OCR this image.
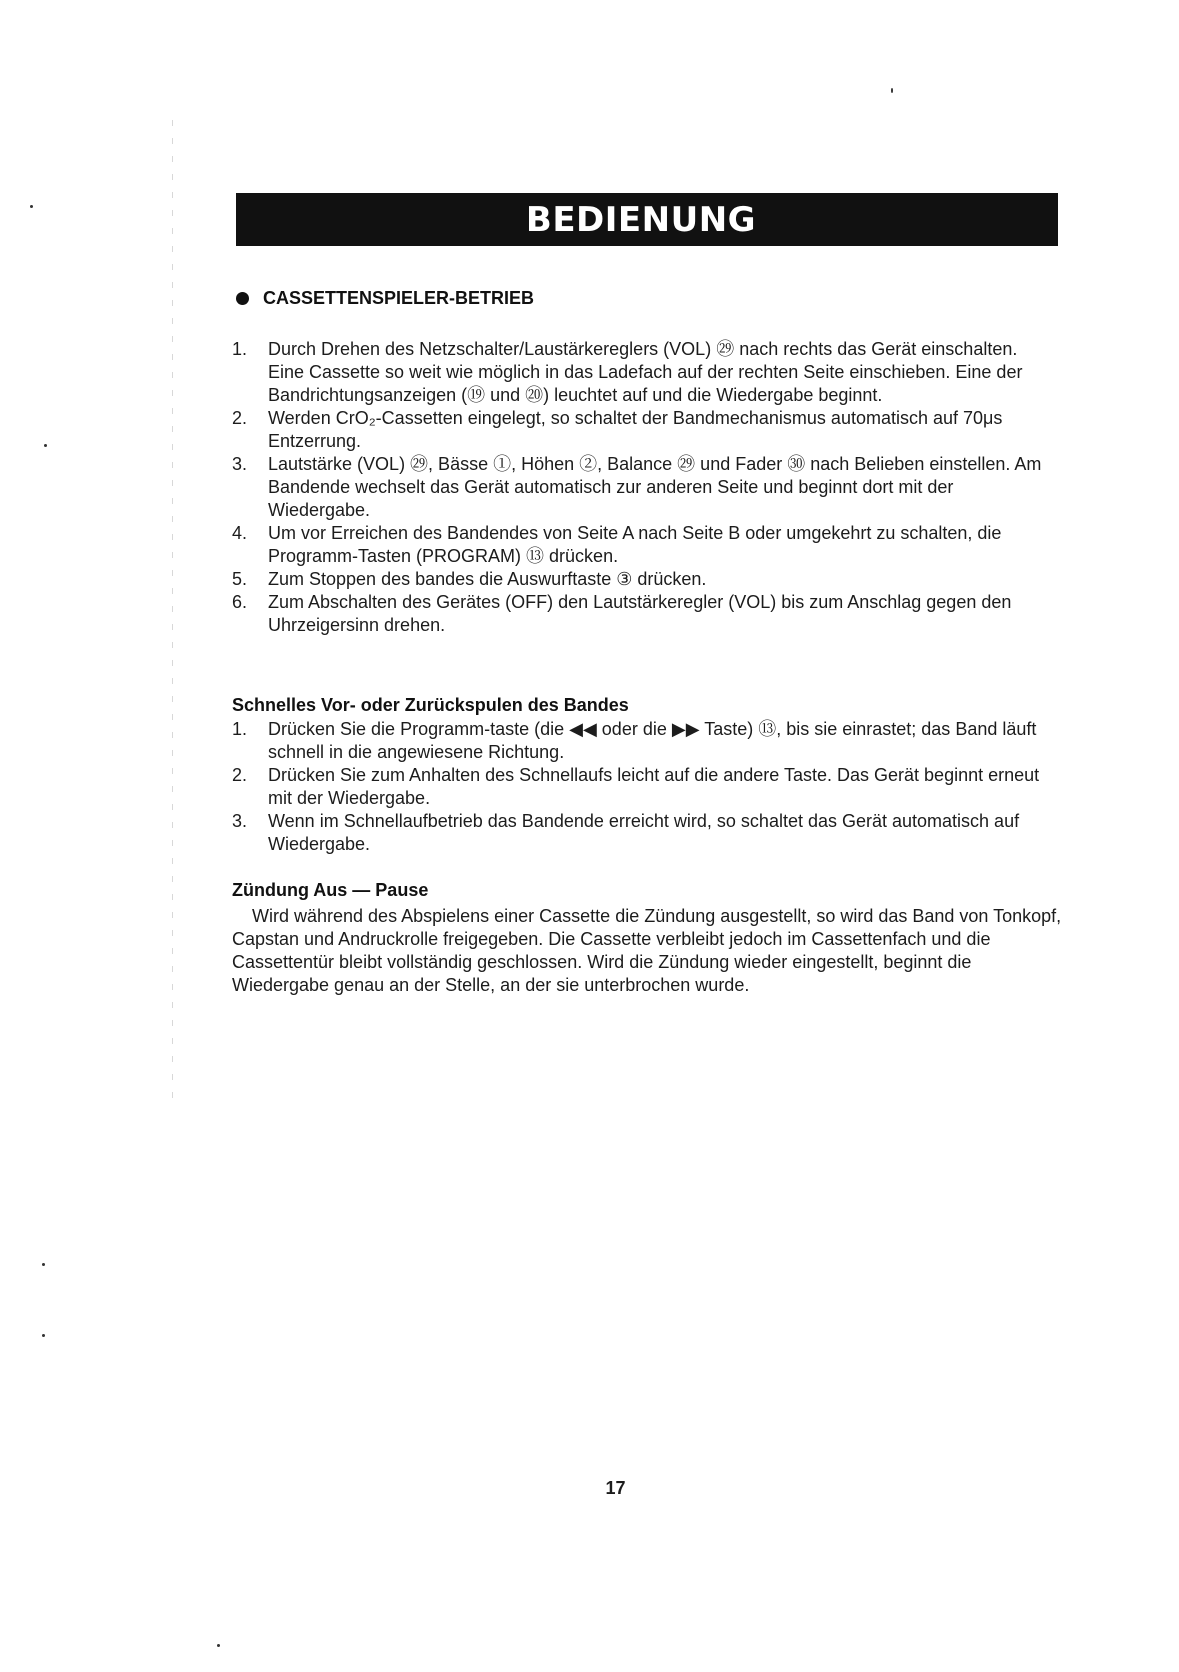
BEDIENUNG
CASSETTENSPIELER-BETRIEB
1.	Durch Drehen des Netzschalter/Laustärkereglers (VOL) ㉙ nach rechts das Gerät einschalten. Eine Cassette so weit wie möglich in das Ladefach auf der rechten Seite einschieben. Eine der Bandrichtungsanzeigen (⑲ und ⑳) leuchtet auf und die Wiedergabe beginnt.
2.	Werden CrO₂-Cassetten eingelegt, so schaltet der Bandmechanismus automatisch auf 70μs Entzerrung.
3.	Lautstärke (VOL) ㉙, Bässe ①, Höhen ②, Balance ㉙ und Fader ㉚ nach Belieben einstellen. Am Bandende wechselt das Gerät automatisch zur anderen Seite und beginnt dort mit der Wiedergabe.
4.	Um vor Erreichen des Bandendes von Seite A nach Seite B oder umgekehrt zu schalten, die Programm-Tasten (PROGRAM) ⑬ drücken.
5.	Zum Stoppen des bandes die Auswurftaste ③ drücken.
6.	Zum Abschalten des Gerätes (OFF) den Lautstärkeregler (VOL) bis zum Anschlag gegen den Uhrzeigersinn drehen.
Schnelles Vor- oder Zurückspulen des Bandes
1.	Drücken Sie die Programm-taste (die ◀◀ oder die ▶▶ Taste) ⑬, bis sie einrastet; das Band läuft schnell in die angewiesene Richtung.
2.	Drücken Sie zum Anhalten des Schnellaufs leicht auf die andere Taste. Das Gerät beginnt erneut mit der Wiedergabe.
3.	Wenn im Schnellaufbetrieb das Bandende erreicht wird, so schaltet das Gerät automatisch auf Wiedergabe.
Zündung Aus — Pause

Wird während des Abspielens einer Cassette die Zündung ausgestellt, so wird das Band von Tonkopf, Capstan und Andruckrolle freigegeben. Die Cassette verbleibt jedoch im Cassettenfach und die Cassettentür bleibt vollständig geschlossen. Wird die Zündung wieder eingestellt, beginnt die Wiedergabe genau an der Stelle, an der sie unterbrochen wurde.

17
